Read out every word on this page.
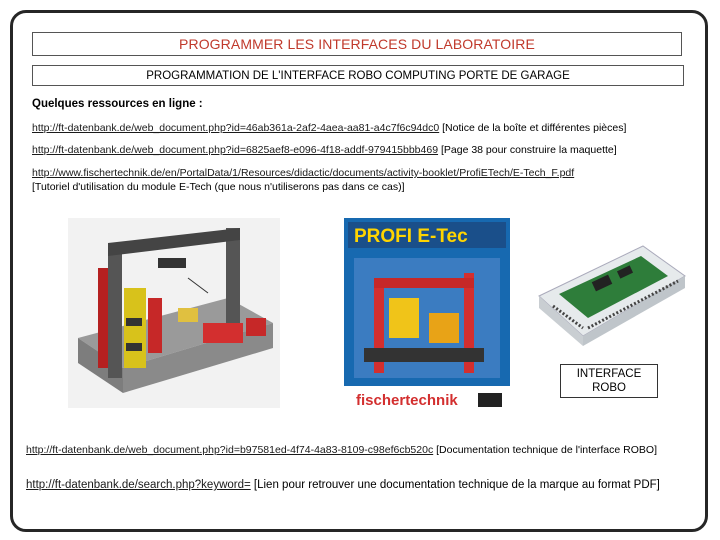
PROGRAMMER LES INTERFACES DU LABORATOIRE
PROGRAMMATION DE L'INTERFACE ROBO COMPUTING PORTE DE GARAGE
Quelques ressources en ligne :
http://ft-datenbank.de/web_document.php?id=46ab361a-2af2-4aea-aa81-a4c7f6c94dc0 [Notice de la boîte et différentes pièces]
http://ft-datenbank.de/web_document.php?id=6825aef8-e096-4f18-addf-979415bbb469 [Page 38 pour construire la maquette]
http://www.fischertechnik.de/en/PortalData/1/Resources/didactic/documents/activity-booklet/ProfiETech/E-Tech_F.pdf
[Tutoriel d'utilisation du module E-Tech (que nous n'utiliserons pas dans ce cas)]
PROFI E-Tec
fischertechnik
INTERFACE ROBO
http://ft-datenbank.de/web_document.php?id=b97581ed-4f74-4a83-8109-c98ef6cb520c [Documentation technique de l'interface ROBO]
http://ft-datenbank.de/search.php?keyword= [Lien pour retrouver une documentation technique de la marque au format PDF]
